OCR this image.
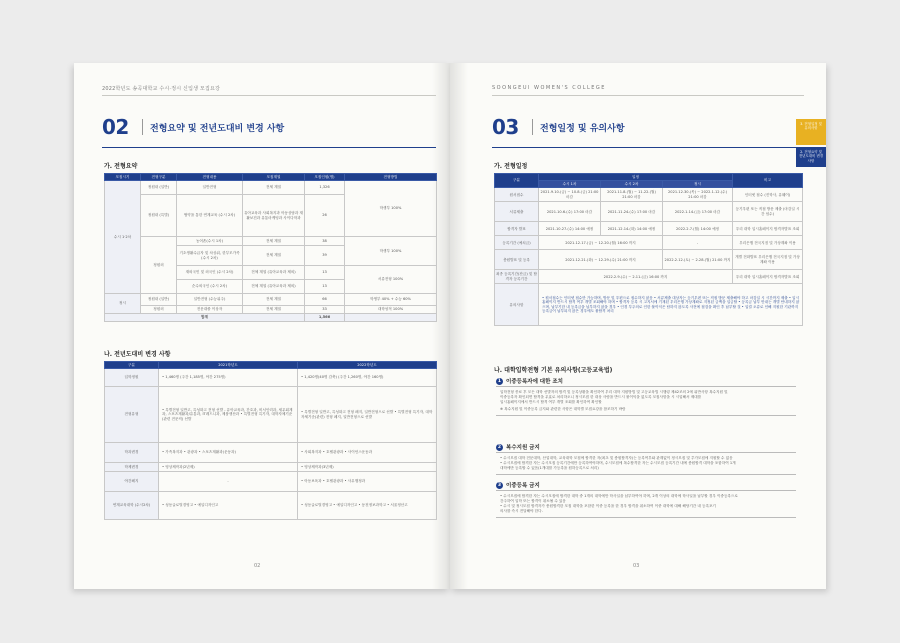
2022학년도 송곡대학교 수시·정시 신입생 모집요강
02 전형요약 및 전년도대비 변경 사항
가. 전형요약
모집시기	전형구분	전형내용	모집계열	모집인원(명)	전형방법
수시 1·2차	정원내 (일반)	일반전형	전체 계열	1,326	학생부 100%
	정원내 (특별)	협약을 통한 연계교육 (수시 2차)	유아교육과 사회복지과 아동상담과 재활보건과 유통마케팅과 사이다학과	26	
	정원외	농어촌(수시 1차)	전체 계열	38	학생부 100%
		기초생활수급자 및 차상위, 한부모가족 (수시 2차)	전체 계열	39	
		재외국민 및 외국인 (수시 2차)	전체 계열 (유아교육과 제외)	13	서류전형 100%
		순수외국인 (수시 2차)	전체 계열 (유아교육과 제외)	13	
정시	정원내 (일반)	일반전형 (수능위주)	전체 계열	66	학생부 40% + 수능 60%
	정원외	전문대졸 이상자	전체 계열	33	대학성적 100%
합계				1,566	
나. 전년도대비 변경 사항
구분	2021학년도	2022학년도
입학정원	• 1,460명 (주간 1,185명, 야간 275명)	• 1,420명(40명 감축) (주간 1,260명, 야간 160명)
전형유형	• 특별전형 일반고, 특성화고 전형 선발 - 유아교육과, 간호과, 비서인력과, 세무회계과, 스포츠재활과/유통과, IT레드니과, 제품생산과 • 특별전형 특기자, 대학자체기준 (관련 전문직) 선발	• 특별전형 일반고, 특성화고 전형 폐지, 일반전형으로 선발 • 특별전형 특기자, 대학자체기준(관련) 전형 폐지, 일반전형으로 선발
학과변경	• 가족복지과 • 관광과 • 스포츠재활과(운동과)	• 사회복지과 • 호텔관광과 • 사이언스운동과
학제변경	• 영상제작과(2년제)	• 영상제작과(3년제)
야간폐지	-	• 아동보육과 • 호텔관광과 • 사무행정과
연계교육대학 (수시2차)	• 성동글로벌경영고 • 예일디자인고	• 성동글로벌경영고 • 예일디자인고 • 동천정보과학고 • 서울정산고
02
SOONGEUI WOMEN'S COLLEGE
3. 전형일정 및 유의사항
2. 전형요약 및 전년도대비 변경 사항
03 전형일정 및 유의사항
가. 전형일정
구분	일정			비고
	수시 1차	수시 2차	정시	
원서접수	2021.9.10.(금) ~ 10.8.(금) 21:00 마감	2021.11.8.(월) ~ 11.22.(월) 21:00 마감	2021.12.30.(목) ~ 2022.1.12.(수) 21:00 마감	인터넷 접수 (진학사, 유웨이)
서류제출	2021.10.6.(수) 17:00 마감	2021.11.24.(수) 17:00 마감	2022.1.14.(금) 17:00 마감	등기우편 또는 직접 방문 제출 (마감일 시간 엄수)
합격자 발표	2021.10.27.(수) 14:00 예정	2021.12.14.(화) 14:00 예정	2022.2.7.(월) 14:00 예정	우리 대학 입시홈페이지 합격자발표 조회
등록기간 (예치금)	2021.12.17.(금) ~ 12.20.(월) 16:00 까지		-	우리은행 전국지점 및 가상계좌 이용
충원발표 및 등록	2021.12.21.(화) ~ 12.29.(수) 21:00 까지		2022.2.12.(토) ~ 2.28.(월) 21:00 까지	개별 전화발표 우리은행 전국지점 및 가상계좌 이용
최종 등록기간(잔금) 및 합격자 등록기간	2022.2.9.(수) ~ 2.11.(금) 16:00 까지			우리 대학 입시홈페이지 합격자발표 조회
유의사항	• 원서접수는 인터넷 접수만 가능하며, 방문 및 우편으로 접수하지 않음 • 서류제출 대상자는 등기우편 또는 직접 방문 제출해야 하고 마감일 시 시간까지 제출 • 입시홈페이지 반드시 합격 여부 개별 조회해야 하며 • 합격자 등록 시 고지서에 기재된 우리은행 가상계좌로 지정된 금액을 입금할 • 등록금 납부 만내는 개별 안내하지 않으며, 납부기한 내 등록금을 납부하지 않을 경우 • 인경 부주의로 인한 불이익은 탐하지 않도록 사전에 접검을 확인 후 납부할 것 • 입결 오류로 인해 지원한 기관까지 등록금이 납부되지 않은 경우에도 불합격 처리			
나. 대학입학전형 기본 유의사항(고등교육법)
1 이중등록자에 대한 조치
입학전형 종료 후 모든 대학 선발자의 합격 및 등록상황을 확인하여 우리 대학 지원방법 및 고등교육법 시행령 제42조의 2에 위반사항 복수지원 및
이중등록자 확인되면 합격을 무효로 처리하오니 정시모집 한 대상 사람을 반드시 불이익을 없도록 모집사항을 시 시업해서 제대를
입시홈페이지에서 반드시 합격 여부 개별 조회를 확인하여 확인할
※ 복수지원 및 이중등록 금지와 관련한 사항은 대학별 모집요강을 참조하기 바람
2 복수지원 금지
• 수시모집 대학 전문대학, 산업대학, 교육대학 모집에 합격한 자(최초 및 충원합격자)는 등록여부와 관계없이 정시모집 및 추가모집에 지원할 수 없음
• 수시모집에 합격한 자는 수시모집 등록기간에만 등록하여야하며, 수시모집에 복수합격한 자는 수시모집 등록기간 내에 충원합격 대학을 포함하여 1개
대학에만 등록할 수 있음(1개대를 가등록을 원하등록으로 처리)
3 이중등록 금지
• 수시모집에 합격한 자는 수시모집에 합격한 대학 중 1개의 대학에만 학사일을 납부하여야 하며, 2개 이상의 대학에 학사일을 납부할 경우 이중등록으로
간주하여 입학 또는 합격이 취소될 수 있음
• 수시 및 정시모집 합격자가 충원합격한 모집 대학을 포함한 이중 등록을 한 경우 합격을 취소하여 이중 대학에 대해 해당기간 내 등록포기
의사를 즉시 전달해야 한다.
03
